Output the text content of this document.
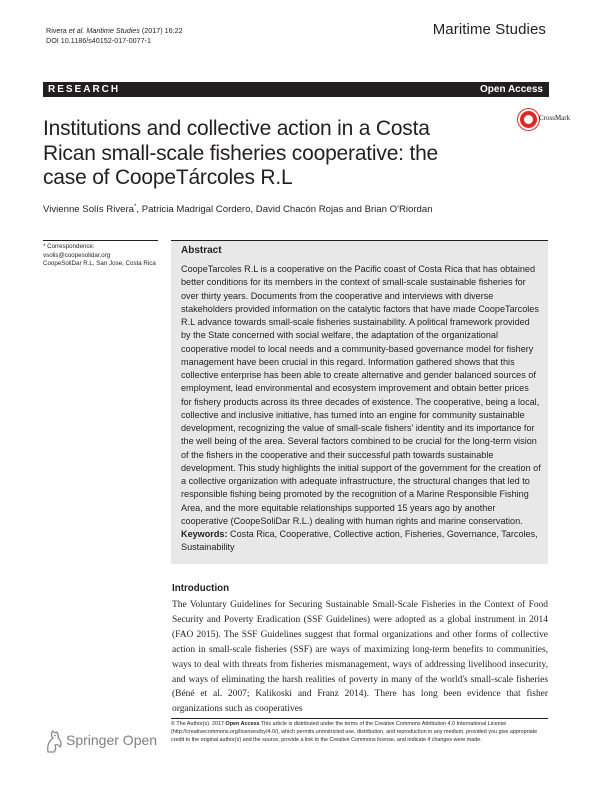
Rivera et al. Maritime Studies (2017) 16:22
DOI 10.1186/s40152-017-0077-1
Maritime Studies
RESEARCH	Open Access
Institutions and collective action in a Costa
Rican small-scale fisheries cooperative: the
case of CoopeTárcoles R.L
CrossMark
Vivienne Solís Rivera*, Patricia Madrigal Cordero, David Chacón Rojas and Brian O'Riordan
* Correspondence:
vsolis@coopesolidar.org
CoopeSoliDar R.L, San Jose, Costa Rica
Abstract
CoopeTarcoles R.L is a cooperative on the Pacific coast of Costa Rica that has obtained better conditions for its members in the context of small-scale sustainable fisheries for over thirty years. Documents from the cooperative and interviews with diverse stakeholders provided information on the catalytic factors that have made CoopeTarcoles R.L advance towards small-scale fisheries sustainability. A political framework provided by the State concerned with social welfare, the adaptation of the organizational cooperative model to local needs and a community-based governance model for fishery management have been crucial in this regard. Information gathered shows that this collective enterprise has been able to create alternative and gender balanced sources of employment, lead environmental and ecosystem improvement and obtain better prices for fishery products across its three decades of existence. The cooperative, being a local, collective and inclusive initiative, has turned into an engine for community sustainable development, recognizing the value of small-scale fishers' identity and its importance for the well being of the area. Several factors combined to be crucial for the long-term vision of the fishers in the cooperative and their successful path towards sustainable development. This study highlights the initial support of the government for the creation of a collective organization with adequate infrastructure, the structural changes that led to responsible fishing being promoted by the recognition of a Marine Responsible Fishing Area, and the more equitable relationships supported 15 years ago by another cooperative (CoopeSoliDar R.L.) dealing with human rights and marine conservation.
Keywords: Costa Rica, Cooperative, Collective action, Fisheries, Governance, Tarcoles, Sustainability
Introduction
The Voluntary Guidelines for Securing Sustainable Small-Scale Fisheries in the Context of Food Security and Poverty Eradication (SSF Guidelines) were adopted as a global instrument in 2014 (FAO 2015). The SSF Guidelines suggest that formal organizations and other forms of collective action in small-scale fisheries (SSF) are ways of maximizing long-term benefits to communities, ways to deal with threats from fisheries mismanagement, ways of addressing livelihood insecurity, and ways of eliminating the harsh realities of poverty in many of the world's small-scale fisheries (Béné et al. 2007; Kalikoski and Franz 2014). There has long been evidence that fisher organizations such as cooperatives
© The Author(s). 2017 Open Access This article is distributed under the terms of the Creative Commons Attribution 4.0 International License (http://creativecommons.org/licenses/by/4.0/), which permits unrestricted use, distribution, and reproduction in any medium, provided you give appropriate credit to the original author(s) and the source, provide a link to the Creative Commons license, and indicate if changes were made.
Springer Open
